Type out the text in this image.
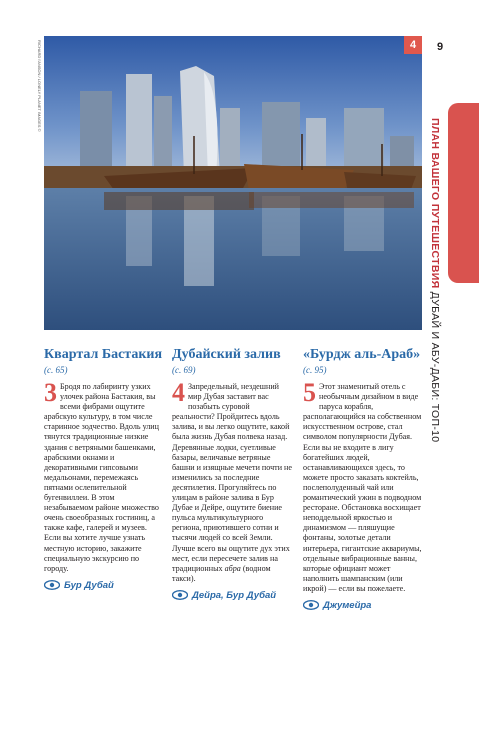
9
RICHARD I'ANSON / LONELY PLANET IMAGES ©	4
ПЛАН ВАШЕГО ПУТЕШЕСТВИЯ ДУБАЙ И АБУ-ДАБИ: ТОП-10
Квартал Бастакия (с. 65)
3 Бродя по лабиринту узких улочек района Бастакия, вы всеми фибрами ощутите арабскую культуру, в том числе старинное зодчество. Вдоль улиц тянутся традиционные низкие здания с ветряными башенками, арабскими окнами и декоративными гипсовыми медальонами, перемежаясь пятнами ослепительной бугенвиллеи. В этом незабываемом районе множество очень своеобразных гостиниц, а также кафе, галерей и музеев. Если вы хотите лучше узнать местную историю, закажите специальную экскурсию по городу.
Бур Дубай
Дубайский залив (с. 69)
4 Запредельный, нездешний мир Дубая заставит вас позабыть суровой реальности? Пройдитесь вдоль залива, и вы легко ощутите, какой была жизнь Дубая полвека назад. Деревянные лодки, суетливые базары, величавые ветряные башни и изящные мечети почти не изменились за последние десятилетия. Прогуляйтесь по улицам в районе залива в Бур Дубае и Дейре, ощутите биение пульса мультикультурного региона, приютившего сотни и тысячи людей со всей Земли. Лучше всего вы ощутите дух этих мест, если пересечете залив на традиционных абра (водном такси).
Дейра, Бур Дубай
«Бурдж аль-Араб» (с. 95)
5 Этот знаменитый отель с необычным дизайном в виде паруса корабля, располагающийся на собственном искусственном острове, стал символом популярности Дубая. Если вы не входите в лигу богатейших людей, останавливающихся здесь, то можете просто заказать коктейль, послеполуденный чай или романтический ужин в подводном ресторане. Обстановка восхищает неподдельной яркостью и динамизмом — пляшущие фонтаны, золотые детали интерьера, гигантские аквариумы, отдельные вибрационные ванны, которые официант может наполнить шампанским (или икрой) — если вы пожелаете.
Джумейра
